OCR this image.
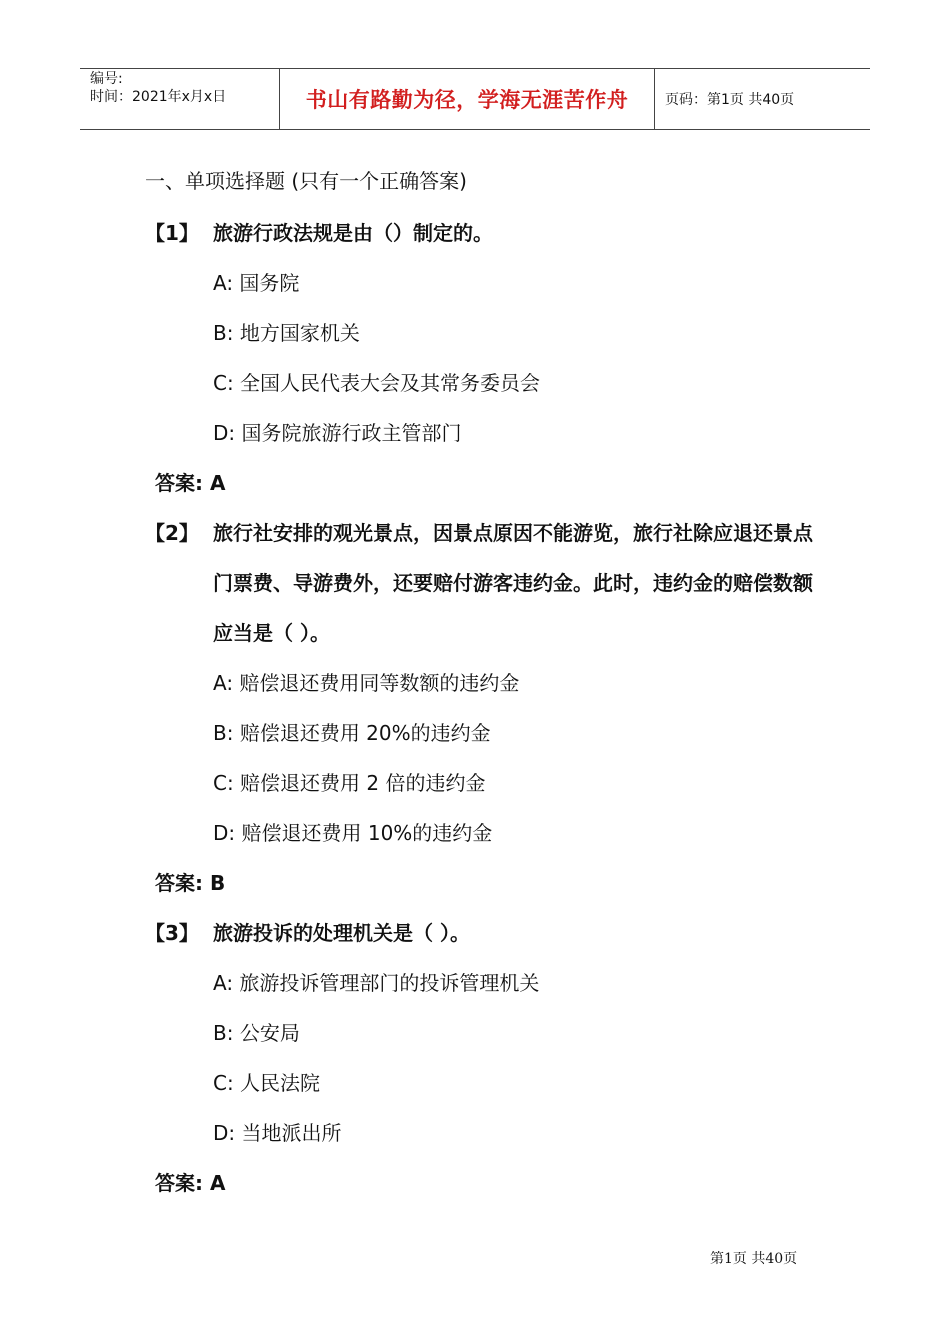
编号:
时间：2021年x月x日	书山有路勤为径，学海无涯苦作舟	页码：第1页 共40页
一、单项选择题 (只有一个正确答案)
【1】 旅游行政法规是由（）制定的。
A: 国务院
B: 地方国家机关
C: 全国人民代表大会及其常务委员会
D: 国务院旅游行政主管部门
答案: A
【2】 旅行社安排的观光景点，因景点原因不能游览，旅行社除应退还景点门票费、导游费外，还要赔付游客违约金。此时，违约金的赔偿数额应当是（ ）。
A: 赔偿退还费用同等数额的违约金
B: 赔偿退还费用 20%的违约金
C: 赔偿退还费用 2 倍的违约金
D: 赔偿退还费用 10%的违约金
答案: B
【3】 旅游投诉的处理机关是（ ）。
A: 旅游投诉管理部门的投诉管理机关
B: 公安局
C: 人民法院
D: 当地派出所
答案: A
第1页 共40页
